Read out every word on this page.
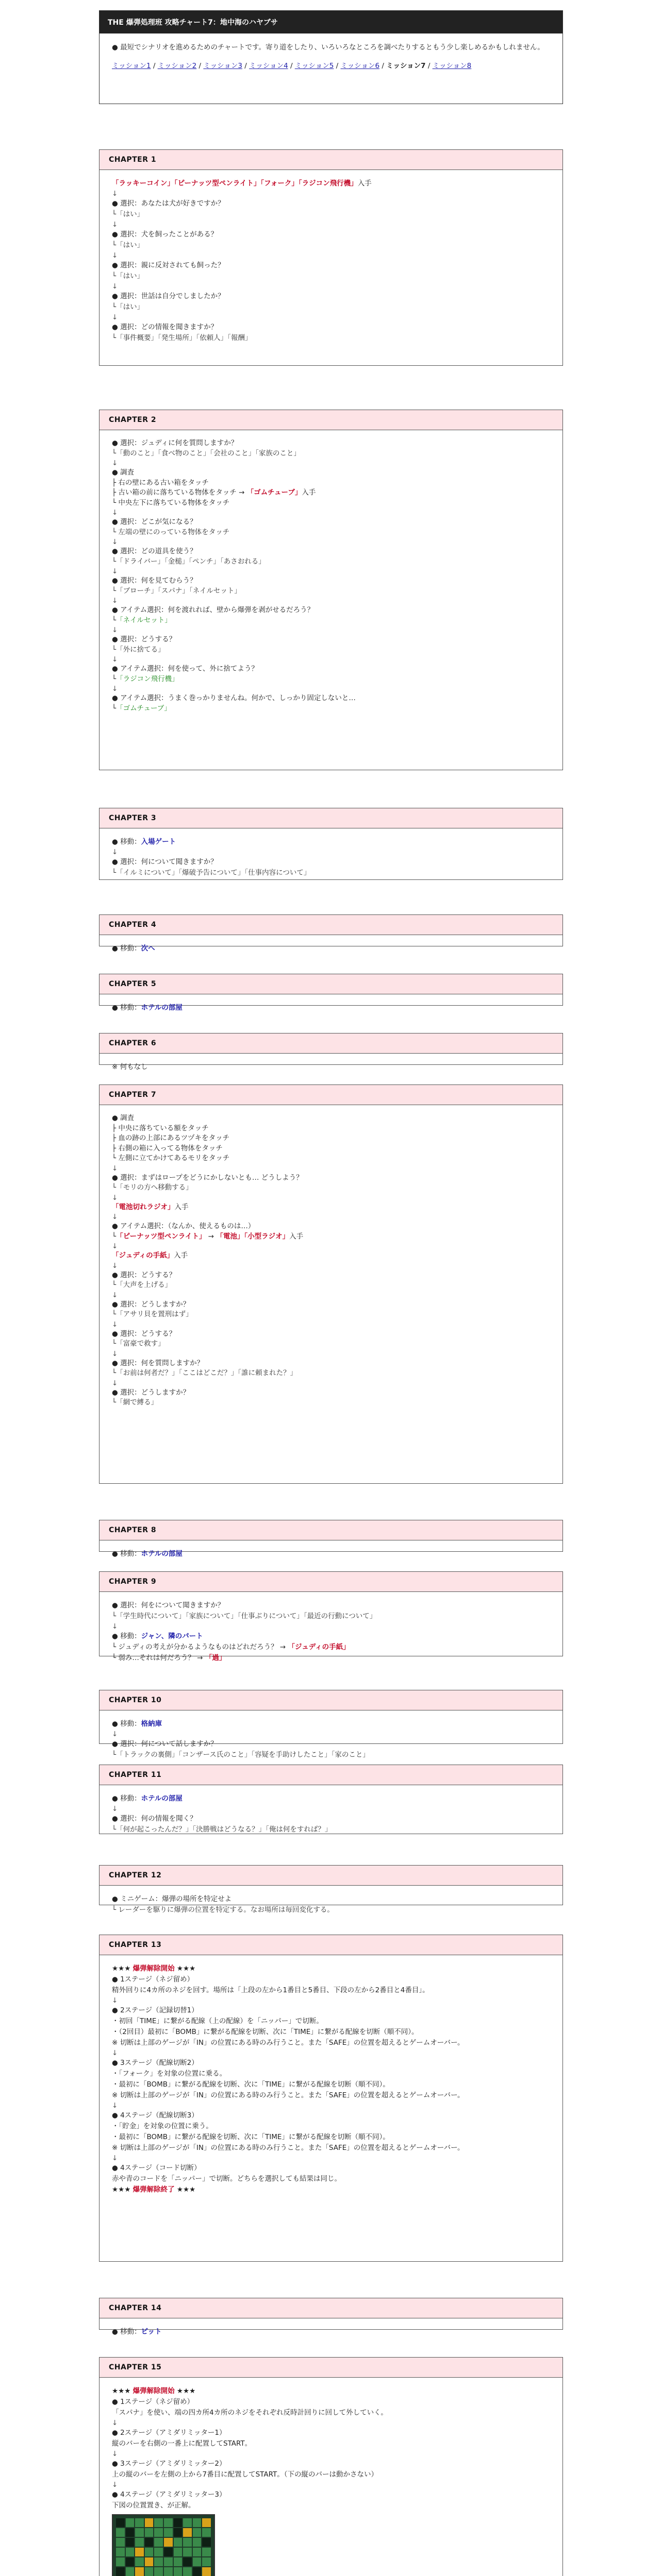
THE 爆弾処理班 攻略チャート7：地中海のハヤブサ
● 最短でシナリオを進めるためのチャートです。寄り道をしたり、いろいろなところを調べたりするともう少し楽しめるかもしれません。
ミッション1 / ミッション2 / ミッション3 / ミッション4 / ミッション5 / ミッション6 / ミッション7 / ミッション8
CHAPTER 1
「ラッキーコイン」「ピーナッツ型ペンライト」「フォーク」「ラジコン飛行機」入手
↓
● 選択：あなたは犬が好きですか？
└「はい」
↓
● 選択：犬を飼ったことがある？
└「はい」
↓
● 選択：親に反対されても飼った？
└「はい」
↓
● 選択：世話は自分でしましたか？
└「はい」
↓
● 選択：どの情報を聞きますか？
└「事件概要」「発生場所」「依頼人」「報酬」
CHAPTER 2
● 選択：ジュディに何を質問しますか？
└「動のこと」「食べ物のこと」「会社のこと」「家族のこと」
↓
● 調査
├ 右の壁にある古い箱をタッチ
├ 古い箱の前に落ちている物体をタッチ → 「ゴムチューブ」入手
└ 中央左下に落ちている物体をタッチ
↓
● 選択：どこが気になる？
└ 左端の壁にのっている物体をタッチ
↓
● 選択：どの道具を使う？
└「ドライバー」「金槌」「ペンチ」「あさおれる」
↓
● 選択：何を見てむらう？
└「ブローチ」「スパナ」「ネイルセット」
↓
● アイテム選択：何を渡れれば、壁から爆弾を剥がせるだろう？
└「ネイルセット」
↓
● 選択：どうする？
└「外に捨てる」
↓
● アイテム選択：何を使って、外に捨てよう？
└「ラジコン飛行機」
↓
● アイテム選択：うまく巻っかりませんね。何かで、しっかり固定しないと…
└「ゴムチューブ」
CHAPTER 3
● 移動：入場ゲート
↓
● 選択：何について聞きますか？
└「イルミについて」「爆破予告について」「仕事内容について」
CHAPTER 4
● 移動：次へ
CHAPTER 5
● 移動：ホテルの部屋
CHAPTER 6
※ 何もなし
CHAPTER 7
● 調査
├ 中央に落ちている額をタッチ
├ 血の跡の上部にあるツヅキをタッチ
├ 右側の箱に入ってる物体をタッチ
└ 左側に立てかけてあるモリをタッチ
↓
● 選択：まずはロープをどうにかしないとも… どうしよう？
└「モリの方へ移動する」
↓
「電池切れラジオ」入手
↓
● アイテム選択：（なんか、使えるものは…）
└「ピーナッツ型ペンライト」 → 「電池」「小型ラジオ」入手
↓
「ジュディの手紙」入手
↓
● 選択：どうする？
└「大声を上げる」
↓
● 選択：どうしますか？
└「アサリ貝を置刑はず」
↓
● 選択：どうする？
└「富豪で救す」
↓
● 選択：何を質問しますか？
└「お前は何者だ？」「ここはどこだ？」「誰に頼まれた？」
↓
● 選択：どうしますか？
└「網で縛る」
CHAPTER 8
● 移動：ホテルの部屋
CHAPTER 9
● 選択：何をについて聞きますか？
└「学生時代について」「家族について」「仕事ぶりについて」「最近の行動について」
↓
● 移動：ジャン、隣のパート
└ ジュディの考えが分かるようなものはどれだろう？ → 「ジュディの手紙」
└ 弱み…それは何だろう？ → 「過」
CHAPTER 10
● 移動：格納庫
↓
● 選択：何について話しますか？
└「トラックの裏側」「コンザース氏のこと」「容疑を手助けしたこと」「家のこと」
CHAPTER 11
● 移動：ホテルの部屋
↓
● 選択：何の情報を聞く？
└「何が起こったんだ？」「決勝戦はどうなる？」「俺は何をすれば？」
CHAPTER 12
● ミニゲーム：爆弾の場所を特定せよ
└ レーダーを駆りに爆弾の位置を特定する。なお場所は毎回変化する。
CHAPTER 13
★★★ 爆弾解除開始 ★★★
● 1ステージ（ネジ留め）
精外回りに4カ所のネジを回す。場所は「上段の左から1番目と5番目、下段の左から2番目と4番目」。
↓
● 2ステージ（記録切替1）
・初回「TIME」に繋がる配線（上の配線）を「ニッパー」で切断。
・（2回目）最初に「BOMB」に繋がる配線を切断、次に「TIME」に繋がる配線を切断（順不同）。
※ 切断は上部のゲージが「IN」の位置にある時のみ行うこと。また「SAFE」の位置を超えるとゲームオーバー。
↓
● 3ステージ（配線切断2）
・「フォーク」を対象の位置に乗る。
・最初に「BOMB」に繋がる配線を切断、次に「TIME」に繋がる配線を切断（順不同）。
※ 切断は上部のゲージが「IN」の位置にある時のみ行うこと。また「SAFE」の位置を超えるとゲームオーバー。
↓
● 4ステージ（配線切断3）
・「貯金」を対象の位置に乗う。
・最初に「BOMB」に繋がる配線を切断、次に「TIME」に繋がる配線を切断（順不同）。
※ 切断は上部のゲージが「IN」の位置にある時のみ行うこと。また「SAFE」の位置を超えるとゲームオーバー。
↓
● 4ステージ（コード切断）
赤や青のコードを「ニッパー」で切断。どちらを選択しても結果は同じ。
★★★ 爆弾解除終了 ★★★
CHAPTER 14
● 移動：ピット
CHAPTER 15
★★★ 爆弾解除開始 ★★★
● 1ステージ（ネジ留め）
「スパナ」を使い、端の四カ所4カ所のネジをそれぞれ反時計回りに回して外していく。
↓
● 2ステージ（アミダリミッター1）
縦のバーを右側の一番上に配置してSTART。
↓
● 3ステージ（アミダリミッター2）
上の縦のバーを左側の上から7番目に配置してSTART。（下の縦のバーは動かさない）
↓
● 4ステージ（アミダリミッター3）
下図の位置置き、が正解。
